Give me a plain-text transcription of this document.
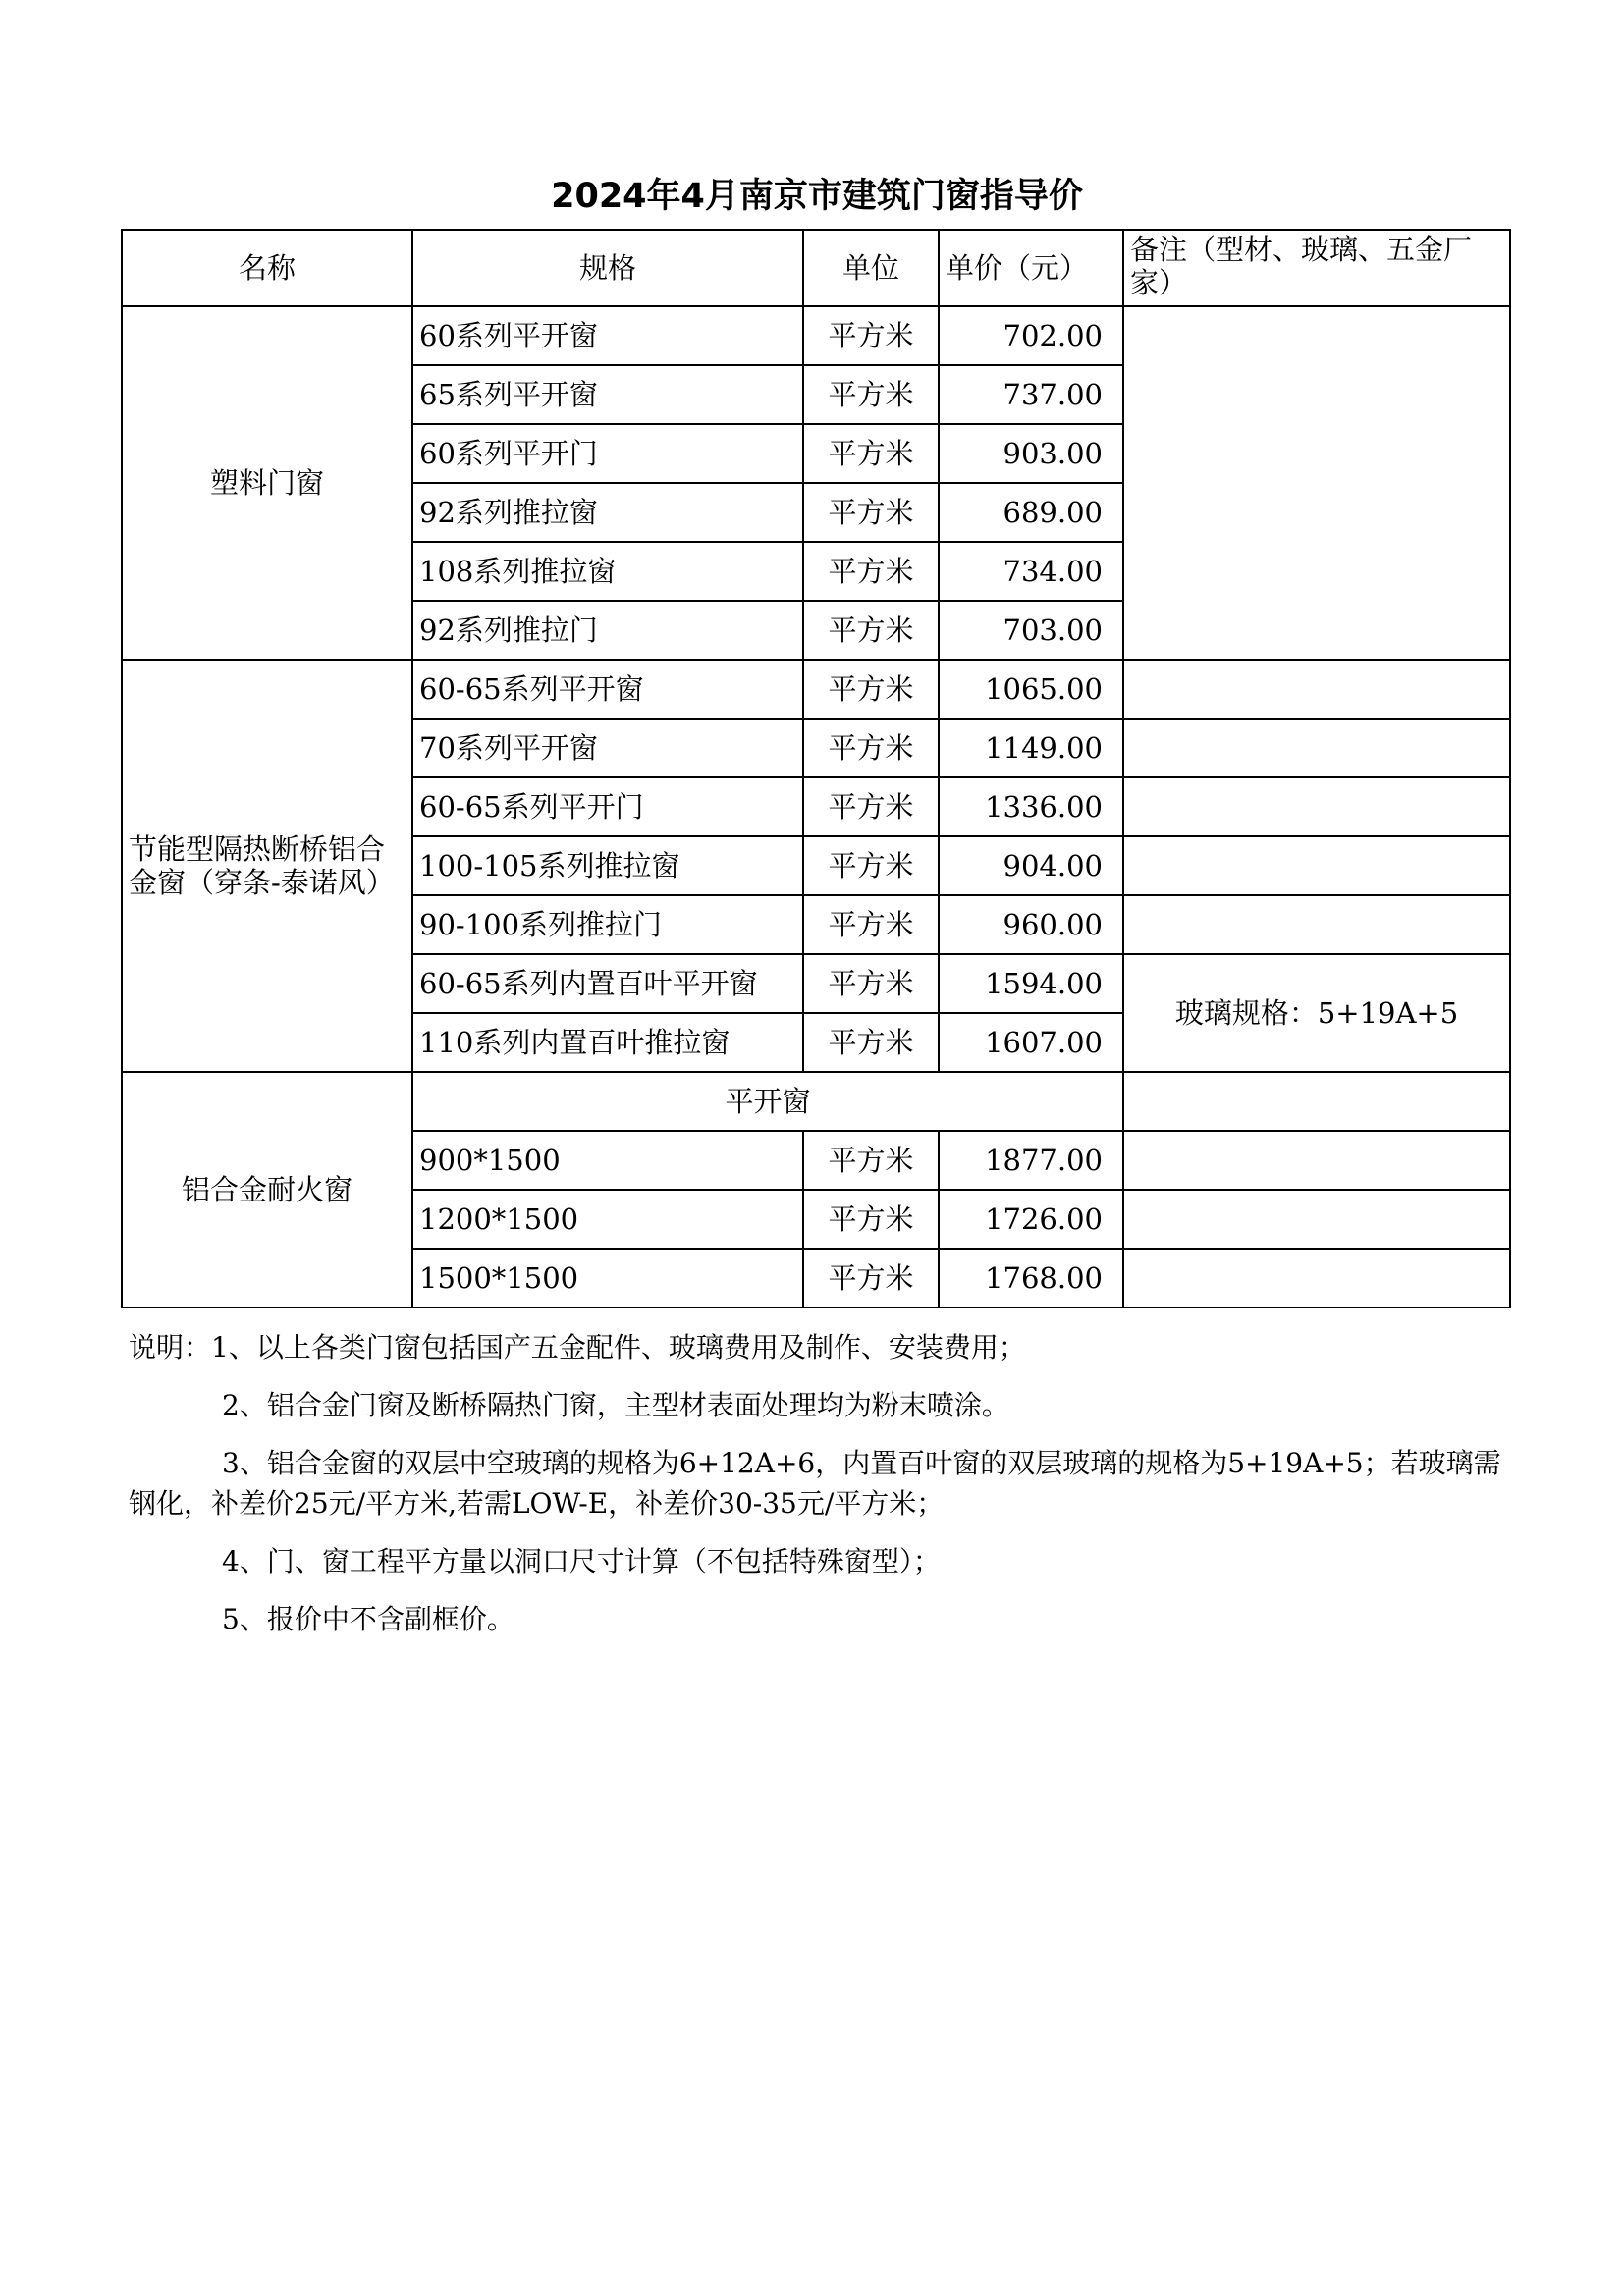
2024年4月南京市建筑门窗指导价
名称	规格	单位	单价（元）	备注（型材、玻璃、五金厂家）
塑料门窗	60系列平开窗	平方米	702.00	
	65系列平开窗	平方米	737.00	
	60系列平开门	平方米	903.00	
	92系列推拉窗	平方米	689.00	
	108系列推拉窗	平方米	734.00	
	92系列推拉门	平方米	703.00	
节能型隔热断桥铝合金窗（穿条-泰诺风）	60-65系列平开窗	平方米	1065.00	
	70系列平开窗	平方米	1149.00	
	60-65系列平开门	平方米	1336.00	
	100-105系列推拉窗	平方米	904.00	
	90-100系列推拉门	平方米	960.00	
	60-65系列内置百叶平开窗	平方米	1594.00	玻璃规格：5+19A+5
	110系列内置百叶推拉窗	平方米	1607.00	
铝合金耐火窗	平开窗			
	900*1500	平方米	1877.00	
	1200*1500	平方米	1726.00	
	1500*1500	平方米	1768.00	

说明：1、以上各类门窗包括国产五金配件、玻璃费用及制作、安装费用；

2、铝合金门窗及断桥隔热门窗，主型材表面处理均为粉末喷涂。

3、铝合金窗的双层中空玻璃的规格为6+12A+6，内置百叶窗的双层玻璃的规格为5+19A+5；若玻璃需钢化，补差价25元/平方米,若需LOW-E，补差价30-35元/平方米；

4、门、窗工程平方量以洞口尺寸计算（不包括特殊窗型）；

5、报价中不含副框价。
